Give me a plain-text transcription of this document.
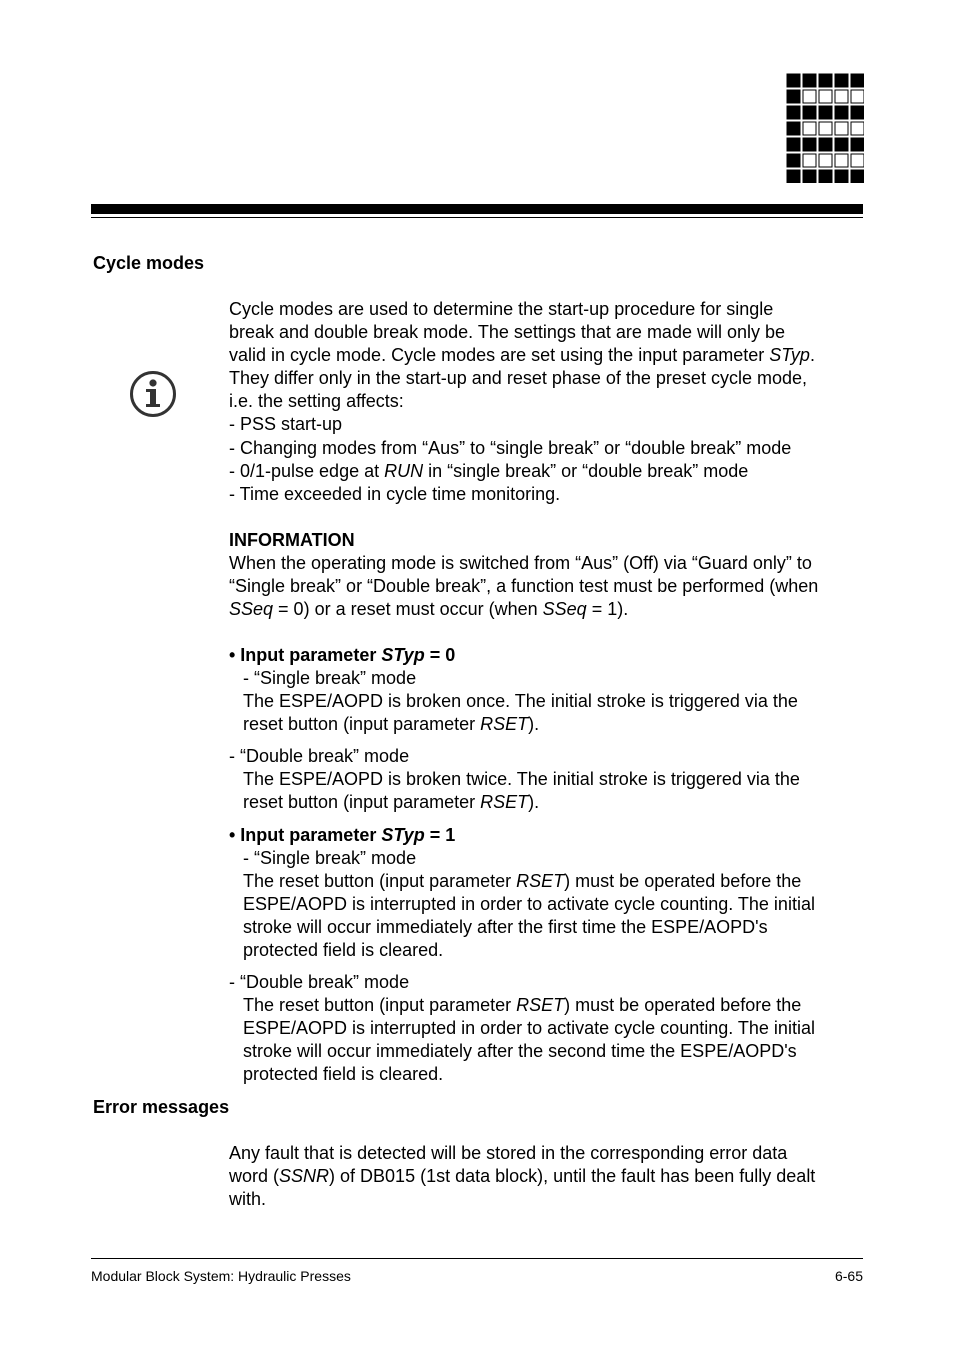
Cycle modes

Cycle modes are used to determine the start-up procedure for single

break and double break mode. The settings that are made will only be

valid in cycle mode. Cycle modes are set using the input parameter STyp.

They differ only in the start-up and reset phase of the preset cycle mode,

i.e. the setting affects:

- PSS start-up

- Changing modes from “Aus” to “single break” or “double break” mode

- 0/1-pulse edge at RUN in “single break” or “double break” mode

- Time exceeded in cycle time monitoring.

INFORMATION

When the operating mode is switched from “Aus” (Off) via “Guard only” to

“Single break” or “Double break”, a function test must be performed (when

SSeq = 0) or a reset must occur (when SSeq = 1).

• Input parameter STyp = 0

- “Single break” mode

The ESPE/AOPD is broken once. The initial stroke is triggered via the

reset button (input parameter RSET).

- “Double break” mode

The ESPE/AOPD is broken twice. The initial stroke is triggered via the

reset button (input parameter RSET).

• Input parameter STyp = 1

- “Single break” mode

The reset button (input parameter RSET) must be operated before the

ESPE/AOPD is interrupted in order to activate cycle counting. The initial

stroke will occur immediately after the first time the ESPE/AOPD's

protected field is cleared.

- “Double break” mode

The reset button (input parameter RSET) must be operated before the

ESPE/AOPD is interrupted in order to activate cycle counting. The initial

stroke will occur immediately after the second time the ESPE/AOPD's

protected field is cleared.

Error messages

Any fault that is detected will be stored in the corresponding error data

word (SSNR) of DB015 (1st data block), until the fault has been fully dealt

with.

Modular Block System: Hydraulic Presses	6-65
